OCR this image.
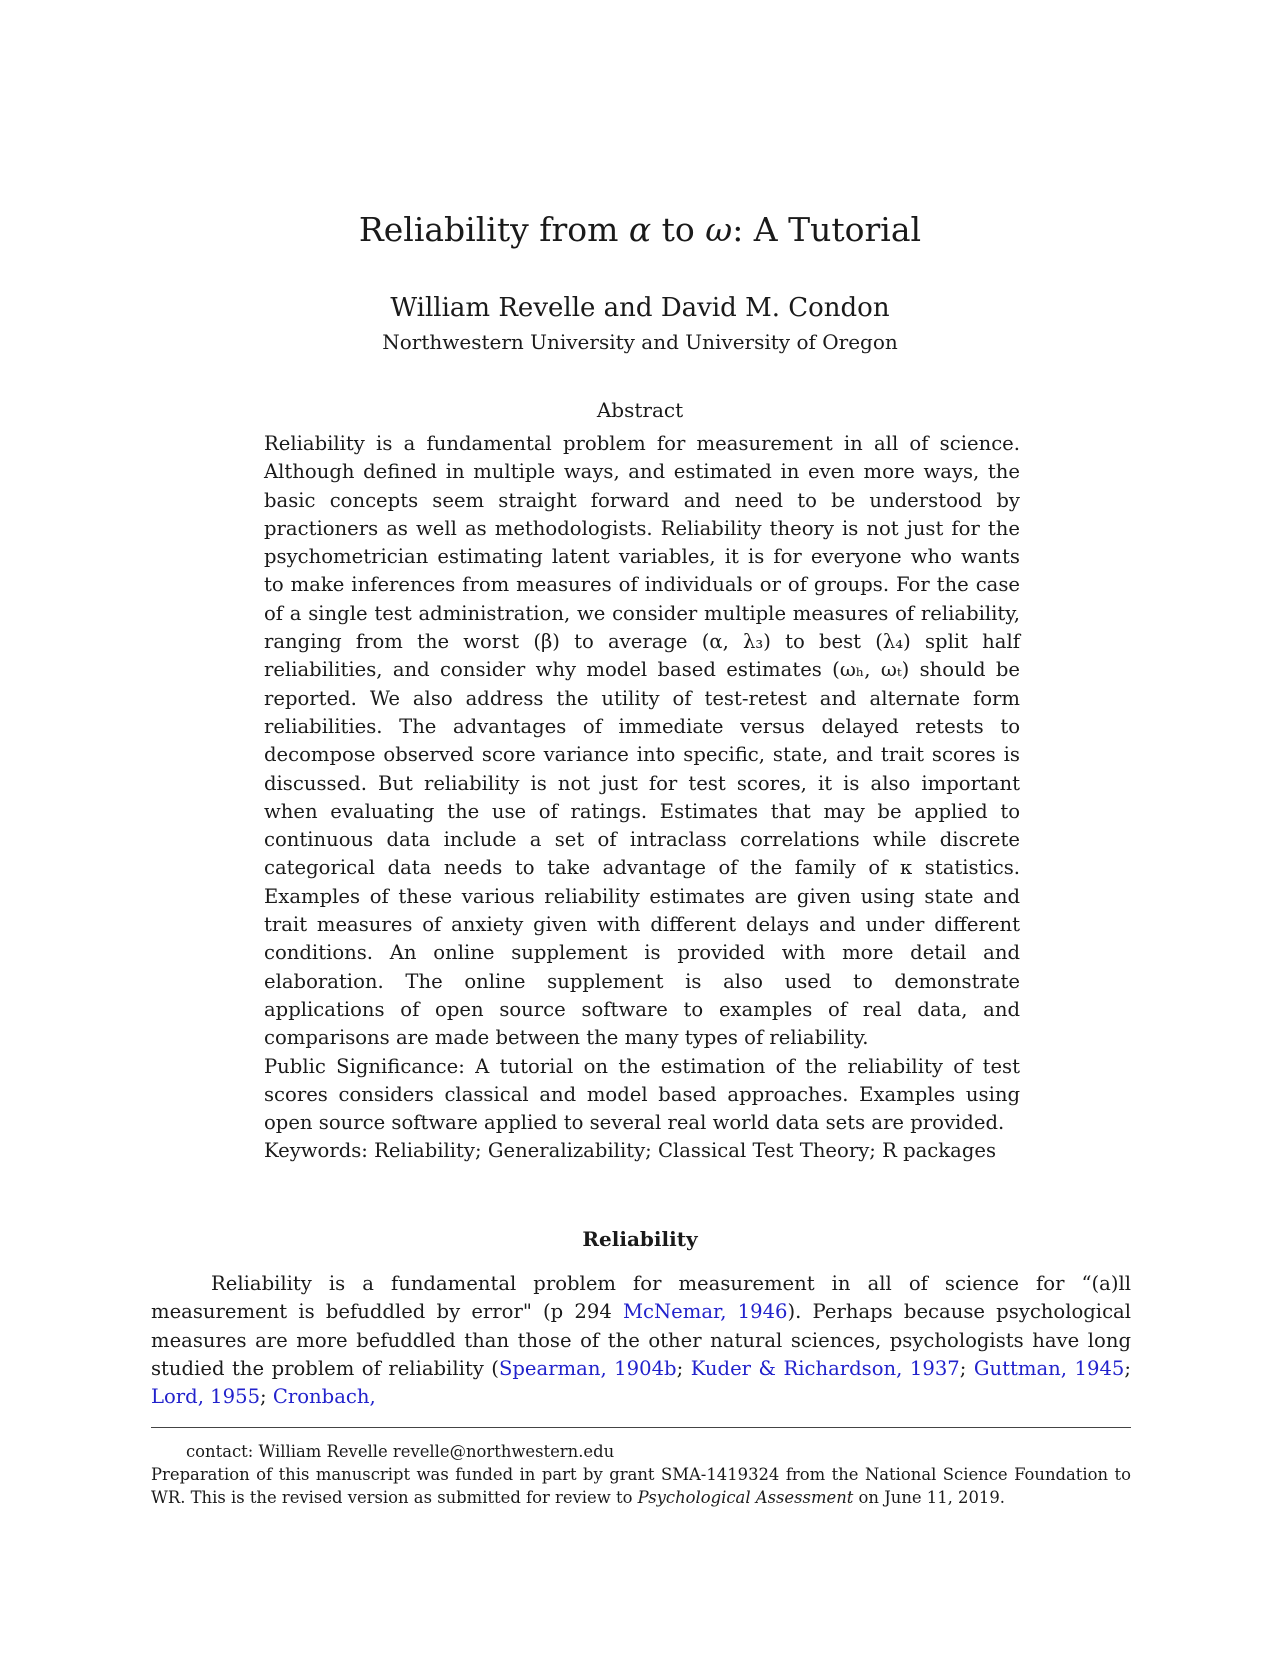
Reliability from α to ω: A Tutorial
William Revelle and David M. Condon
Northwestern University and University of Oregon
Abstract

Reliability is a fundamental problem for measurement in all of science. Although defined in multiple ways, and estimated in even more ways, the basic concepts seem straight forward and need to be understood by practioners as well as methodologists. Reliability theory is not just for the psychometrician estimating latent variables, it is for everyone who wants to make inferences from measures of individuals or of groups. For the case of a single test administration, we consider multiple measures of reliability, ranging from the worst (β) to average (α, λ₃) to best (λ₄) split half reliabilities, and consider why model based estimates (ωₕ, ωₜ) should be reported. We also address the utility of test-retest and alternate form reliabilities. The advantages of immediate versus delayed retests to decompose observed score variance into specific, state, and trait scores is discussed. But reliability is not just for test scores, it is also important when evaluating the use of ratings. Estimates that may be applied to continuous data include a set of intraclass correlations while discrete categorical data needs to take advantage of the family of κ statistics. Examples of these various reliability estimates are given using state and trait measures of anxiety given with different delays and under different conditions. An online supplement is provided with more detail and elaboration. The online supplement is also used to demonstrate applications of open source software to examples of real data, and comparisons are made between the many types of reliability.

Public Significance: A tutorial on the estimation of the reliability of test scores considers classical and model based approaches. Examples using open source software applied to several real world data sets are provided.

Keywords: Reliability; Generalizability; Classical Test Theory; R packages

Reliability

Reliability is a fundamental problem for measurement in all of science for “(a)ll measurement is befuddled by error" (p 294 McNemar, 1946). Perhaps because psychological measures are more befuddled than those of the other natural sciences, psychologists have long studied the problem of reliability (Spearman, 1904b; Kuder & Richardson, 1937; Guttman, 1945; Lord, 1955; Cronbach,

contact: William Revelle revelle@northwestern.edu

Preparation of this manuscript was funded in part by grant SMA-1419324 from the National Science Foundation to WR. This is the revised version as submitted for review to Psychological Assessment on June 11, 2019.
